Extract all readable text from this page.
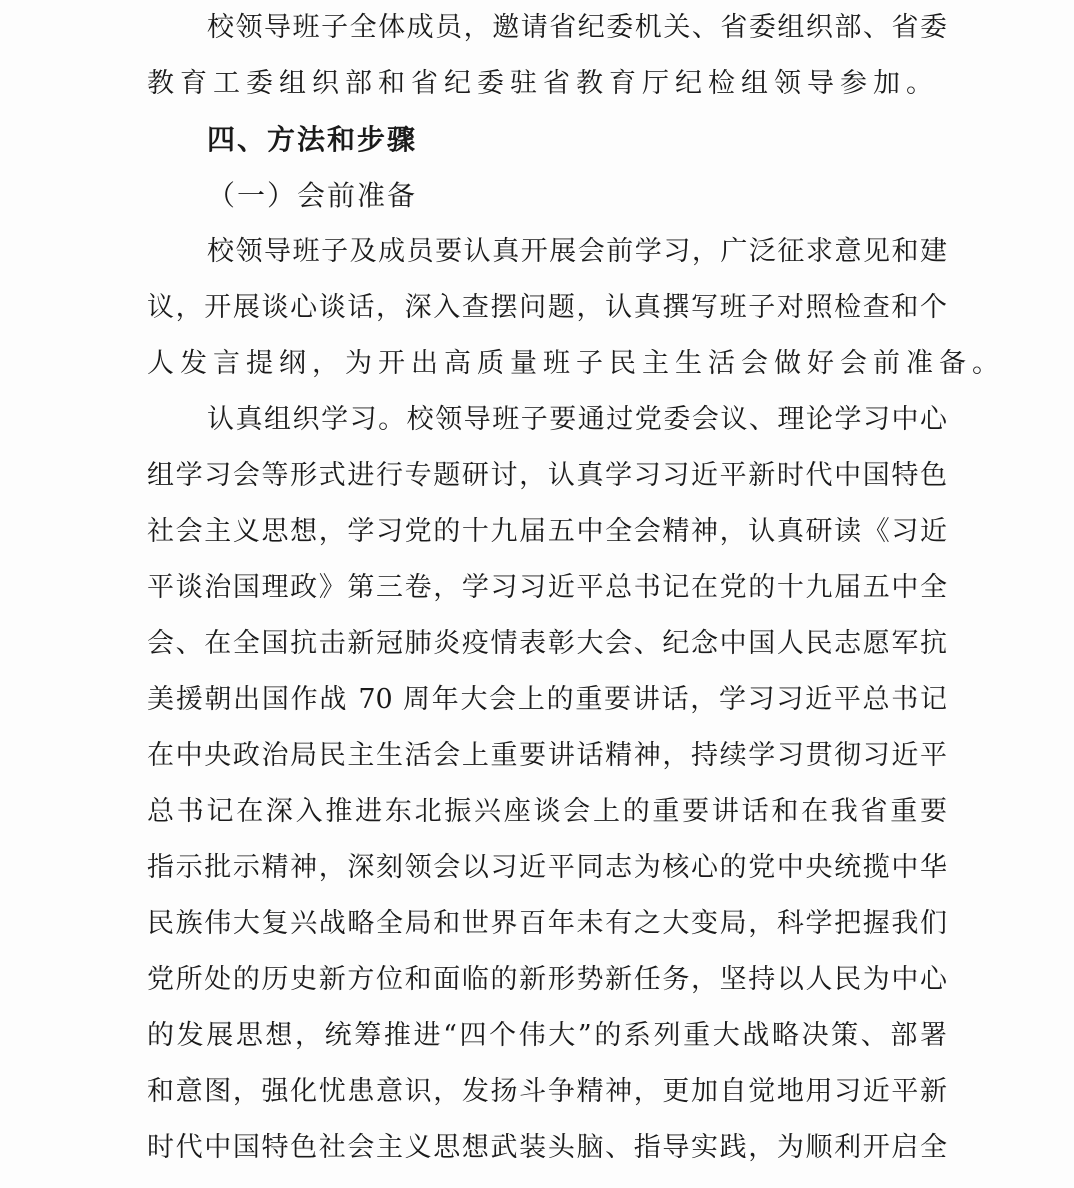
校领导班子全体成员，邀请省纪委机关、省委组织部、省委
教育工委组织部和省纪委驻省教育厅纪检组领导参加。
四、方法和步骤
（一）会前准备
校领导班子及成员要认真开展会前学习，广泛征求意见和建
议，开展谈心谈话，深入查摆问题，认真撰写班子对照检查和个
人发言提纲，为开出高质量班子民主生活会做好会前准备。
认真组织学习。校领导班子要通过党委会议、理论学习中心
组学习会等形式进行专题研讨，认真学习习近平新时代中国特色
社会主义思想，学习党的十九届五中全会精神，认真研读《习近
平谈治国理政》第三卷，学习习近平总书记在党的十九届五中全
会、在全国抗击新冠肺炎疫情表彰大会、纪念中国人民志愿军抗
美援朝出国作战 70 周年大会上的重要讲话，学习习近平总书记
在中央政治局民主生活会上重要讲话精神，持续学习贯彻习近平
总书记在深入推进东北振兴座谈会上的重要讲话和在我省重要
指示批示精神，深刻领会以习近平同志为核心的党中央统揽中华
民族伟大复兴战略全局和世界百年未有之大变局，科学把握我们
党所处的历史新方位和面临的新形势新任务，坚持以人民为中心
的发展思想，统筹推进“四个伟大”的系列重大战略决策、部署
和意图，强化忧患意识，发扬斗争精神，更加自觉地用习近平新
时代中国特色社会主义思想武装头脑、指导实践，为顺利开启全
